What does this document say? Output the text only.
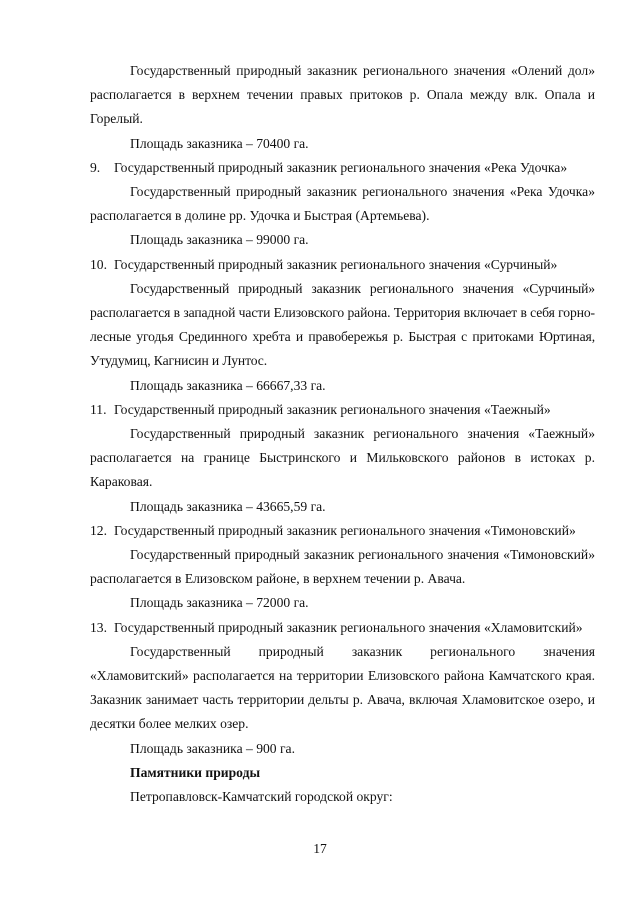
Государственный природный заказник регионального значения «Олений дол» располагается в верхнем течении правых притоков р. Опала между влк. Опала и Горелый.

Площадь заказника – 70400 га.

9.	Государственный природный заказник регионального значения «Река Удочка»

Государственный природный заказник регионального значения «Река Удочка» располагается в долине рр. Удочка и Быстрая (Артемьева).

Площадь заказника – 99000 га.

10. Государственный природный заказник регионального значения «Сурчиный»

Государственный природный заказник регионального значения «Сурчиный» располагается в западной части Елизовского района. Территория включает в себя горно-лесные угодья Срединного хребта и правобережья р. Быстрая с притоками Юртиная, Утудумиц, Кагнисин и Лунтос.

Площадь заказника – 66667,33 га.

11. Государственный природный заказник регионального значения «Таежный»

Государственный природный заказник регионального значения «Таежный» располагается на границе Быстринского и Мильковского районов в истоках р. Караковая.

Площадь заказника – 43665,59 га.

12. Государственный природный заказник регионального значения «Тимоновский»

Государственный природный заказник регионального значения «Тимоновский» располагается в Елизовском районе, в верхнем течении р. Авача.

Площадь заказника – 72000 га.

13. Государственный природный заказник регионального значения «Хламовитский»

Государственный природный заказник регионального значения «Хламовитский» располагается на территории Елизовского района Камчатского края. Заказник занимает часть территории дельты р. Авача, включая Хламовитское озеро, и десятки более мелких озер.

Площадь заказника – 900 га.

Памятники природы

Петропавловск-Камчатский городской округ:

17
